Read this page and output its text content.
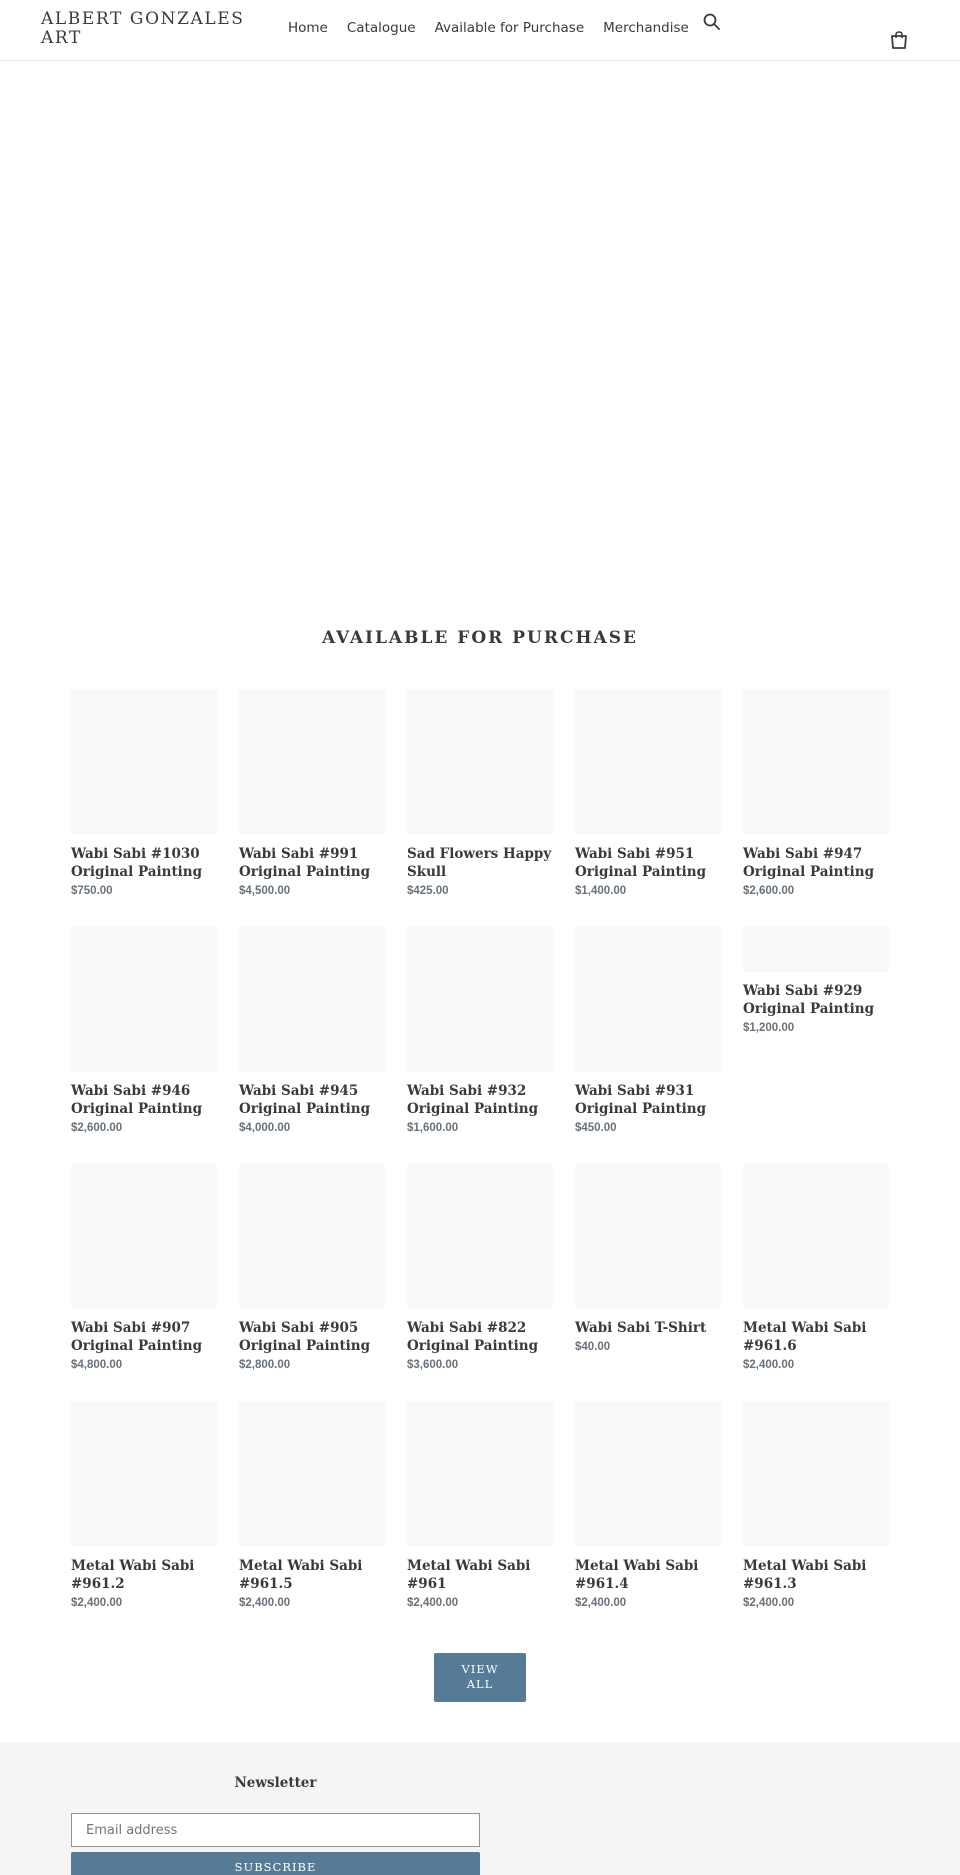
ALBERT GONZALES ART	Home Catalogue Available for Purchase Merchandise
AVAILABLE FOR PURCHASE
Wabi Sabi #1030 Original Painting
$750.00
Wabi Sabi #991 Original Painting
$4,500.00
Sad Flowers Happy Skull
$425.00
Wabi Sabi #951 Original Painting
$1,400.00
Wabi Sabi #947 Original Painting
$2,600.00
Wabi Sabi #946 Original Painting
$2,600.00
Wabi Sabi #945 Original Painting
$4,000.00
Wabi Sabi #932 Original Painting
$1,600.00
Wabi Sabi #931 Original Painting
$450.00
Wabi Sabi #929 Original Painting
$1,200.00
Wabi Sabi #907 Original Painting
$4,800.00
Wabi Sabi #905 Original Painting
$2,800.00
Wabi Sabi #822 Original Painting
$3,600.00
Wabi Sabi T-Shirt
$40.00
Metal Wabi Sabi #961.6
$2,400.00
Metal Wabi Sabi #961.2
$2,400.00
Metal Wabi Sabi #961.5
$2,400.00
Metal Wabi Sabi #961
$2,400.00
Metal Wabi Sabi #961.4
$2,400.00
Metal Wabi Sabi #961.3
$2,400.00
VIEW ALL
Newsletter
Email address
SUBSCRIBE
